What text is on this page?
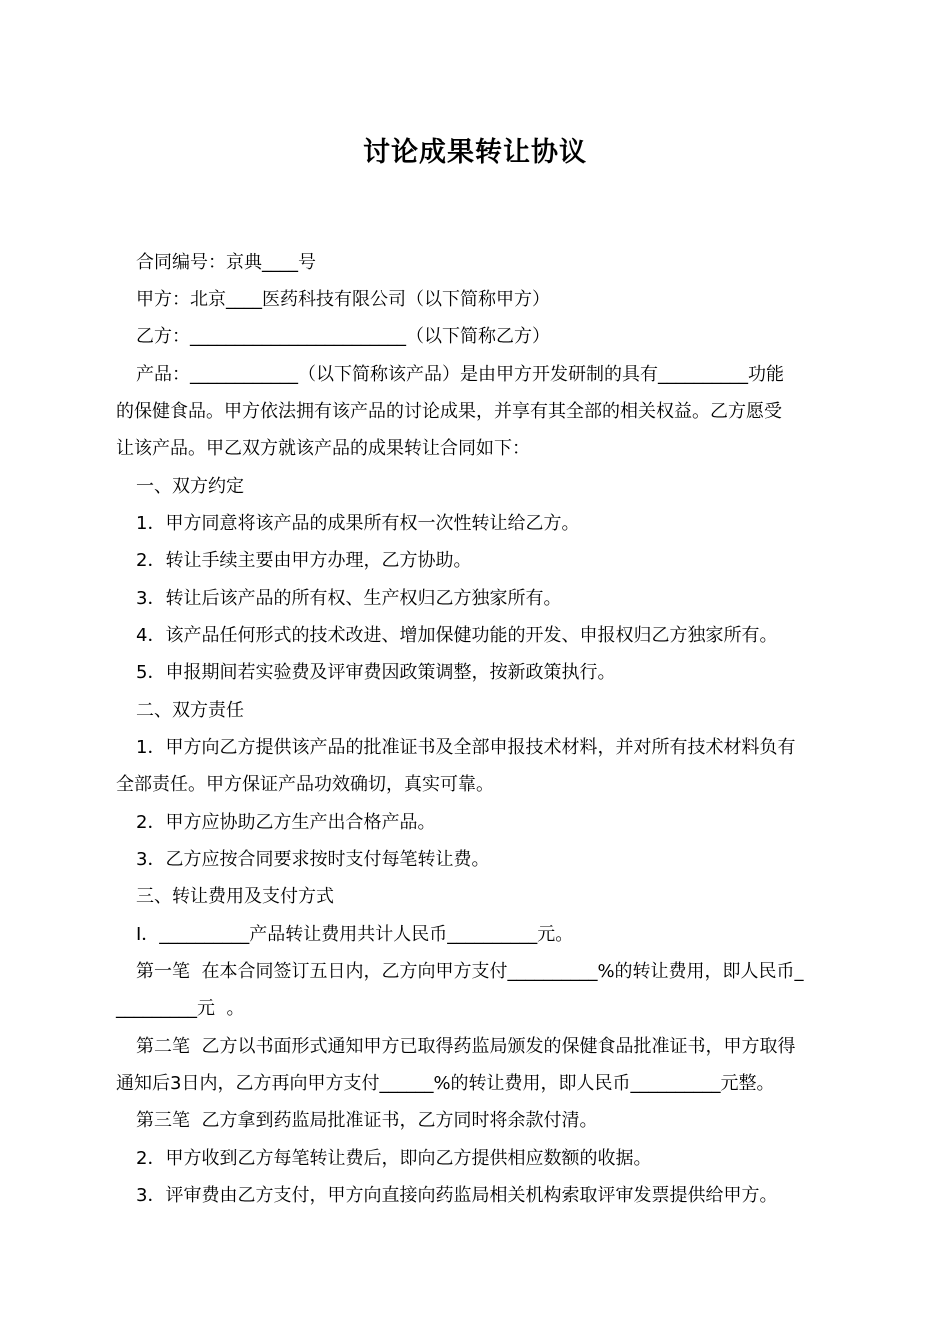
讨论成果转让协议
合同编号：京典____号
甲方：北京____医药科技有限公司（以下简称甲方）
乙方：________________________（以下简称乙方）
产品：____________（以下简称该产品）是由甲方开发研制的具有__________功能
的保健食品。甲方依法拥有该产品的讨论成果，并享有其全部的相关权益。乙方愿受
让该产品。甲乙双方就该产品的成果转让合同如下：
一、双方约定
1．甲方同意将该产品的成果所有权一次性转让给乙方。
2．转让手续主要由甲方办理，乙方协助。
3．转让后该产品的所有权、生产权归乙方独家所有。
4．该产品任何形式的技术改进、增加保健功能的开发、申报权归乙方独家所有。
5．申报期间若实验费及评审费因政策调整，按新政策执行。
二、双方责任
1．甲方向乙方提供该产品的批准证书及全部申报技术材料，并对所有技术材料负有
全部责任。甲方保证产品功效确切，真实可靠。
2．甲方应协助乙方生产出合格产品。
3．乙方应按合同要求按时支付每笔转让费。
三、转让费用及支付方式
I．__________产品转让费用共计人民币__________元。
第一笔  在本合同签订五日内，乙方向甲方支付__________%的转让费用，即人民币_
_________元  。
第二笔  乙方以书面形式通知甲方已取得药监局颁发的保健食品批准证书，甲方取得
通知后3日内，乙方再向甲方支付______%的转让费用，即人民币__________元整。
第三笔  乙方拿到药监局批准证书，乙方同时将余款付清。
2．甲方收到乙方每笔转让费后，即向乙方提供相应数额的收据。
3．评审费由乙方支付，甲方向直接向药监局相关机构索取评审发票提供给甲方。
